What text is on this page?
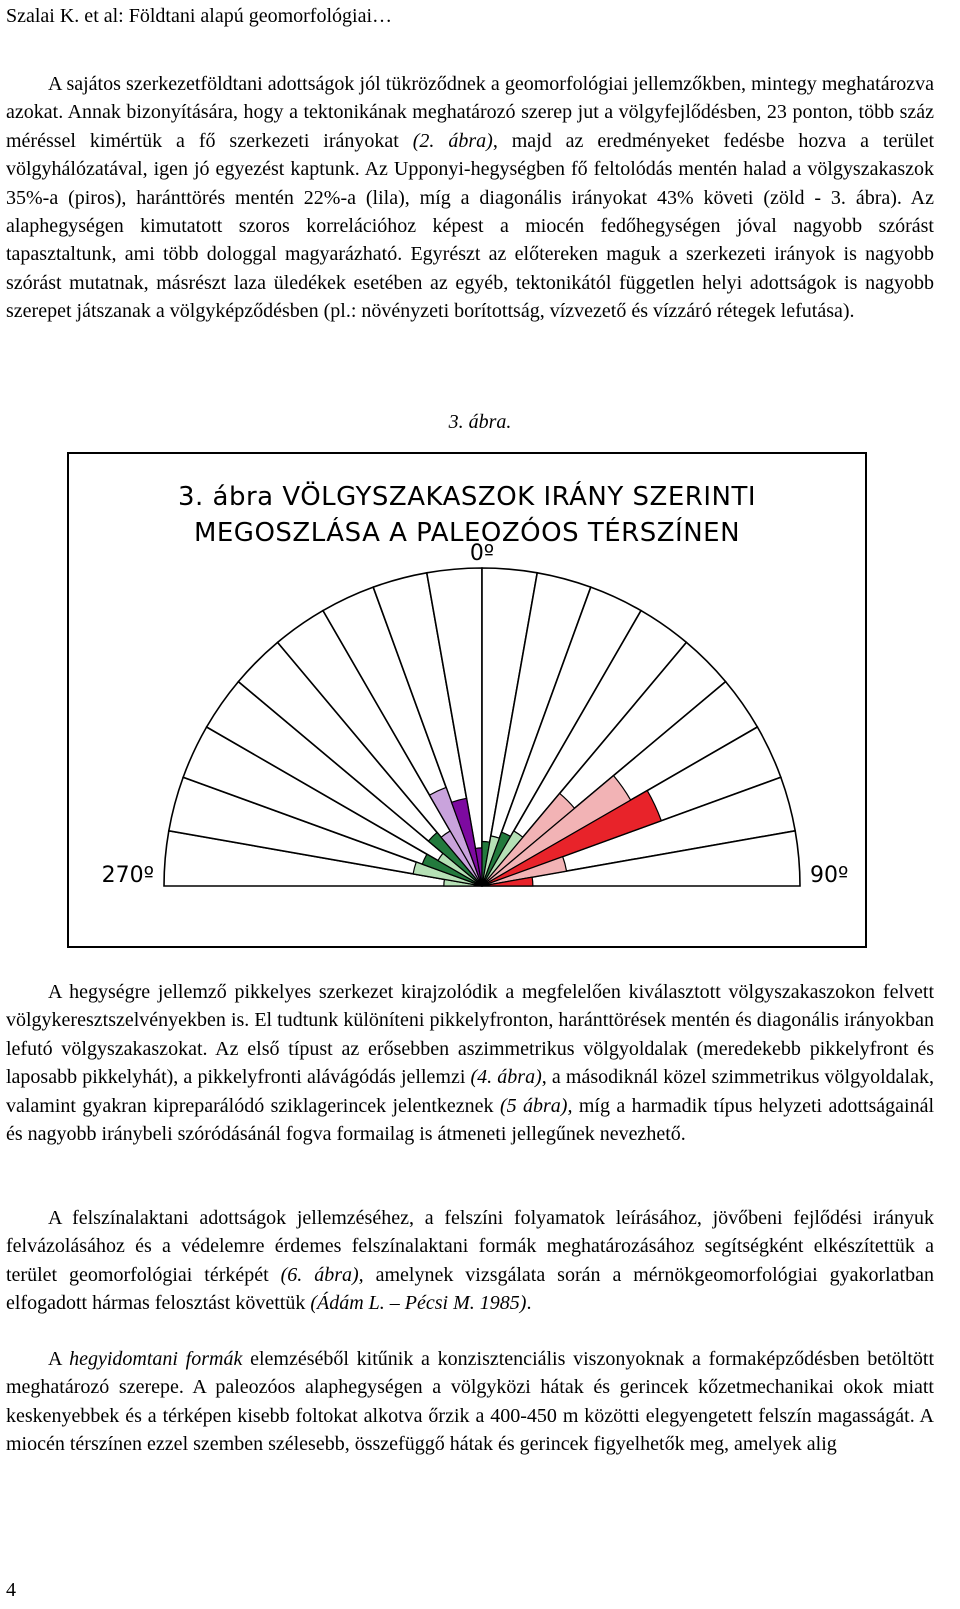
Szalai K. et al: Földtani alapú geomorfológiai…

A sajátos szerkezetföldtani adottságok jól tükröződnek a geomorfológiai jellemzőkben, mintegy meghatározva azokat. Annak bizonyítására, hogy a tektonikának meghatározó szerep jut a völgyfejlődésben, 23 ponton, több száz méréssel kimértük a fő szerkezeti irányokat (2. ábra), majd az eredményeket fedésbe hozva a terület völgyhálózatával, igen jó egyezést kaptunk. Az Upponyi-hegységben fő feltolódás mentén halad a völgyszakaszok 35%-a (piros), haránttörés mentén 22%-a (lila), míg a diagonális irányokat 43% követi (zöld - 3. ábra). Az alaphegységen kimutatott szoros korrelációhoz képest a miocén fedőhegységen jóval nagyobb szórást tapasztaltunk, ami több dologgal magyarázható. Egyrészt az előtereken maguk a szerkezeti irányok is nagyobb szórást mutatnak, másrészt laza üledékek esetében az egyéb, tektonikától független helyi adottságok is nagyobb szerepet játszanak a völgyképződésben (pl.: növényzeti borítottság, vízvezető és vízzáró rétegek lefutása).

3. ábra.
3. ábra VÖLGYSZAKASZOK IRÁNY SZERINTI
MEGOSZLÁSA A PALEOZÓOS TÉRSZÍNEN
0º
270º	90º

A hegységre jellemző pikkelyes szerkezet kirajzolódik a megfelelően kiválasztott völgyszakaszokon felvett völgykeresztszelvényekben is. El tudtunk különíteni pikkelyfronton, haránttörések mentén és diagonális irányokban lefutó völgyszakaszokat. Az első típust az erősebben aszimmetrikus völgyoldalak (meredekebb pikkelyfront és laposabb pikkelyhát), a pikkelyfronti alávágódás jellemzi (4. ábra), a másodiknál közel szimmetrikus völgyoldalak, valamint gyakran kipreparálódó sziklagerincek jelentkeznek (5 ábra), míg a harmadik típus helyzeti adottságainál és nagyobb iránybeli szóródásánál fogva formailag is átmeneti jellegűnek nevezhető.

A felszínalaktani adottságok jellemzéséhez, a felszíni folyamatok leírásához, jövőbeni fejlődési irányuk felvázolásához és a védelemre érdemes felszínalaktani formák meghatározásához segítségként elkészítettük a terület geomorfológiai térképét (6. ábra), amelynek vizsgálata során a mérnökgeomorfológiai gyakorlatban elfogadott hármas felosztást követtük (Ádám L. – Pécsi M. 1985).

A hegyidomtani formák elemzéséből kitűnik a konzisztenciális viszonyoknak a formaképződésben betöltött meghatározó szerepe. A paleozóos alaphegységen a völgyközi hátak és gerincek kőzetmechanikai okok miatt keskenyebbek és a térképen kisebb foltokat alkotva őrzik a 400-450 m közötti elegyengetett felszín magasságát. A miocén térszínen ezzel szemben szélesebb, összefüggő hátak és gerincek figyelhetők meg, amelyek alig

4
